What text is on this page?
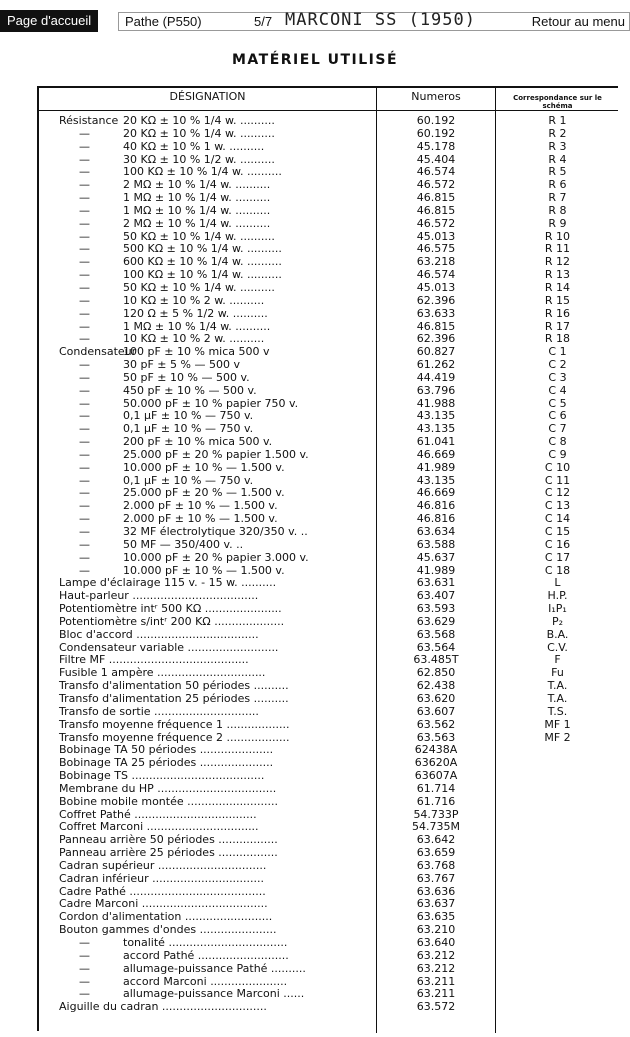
Page d'accueil	Pathe (P550)	5/7 MARCONI SS (1950)	Retour au menu
MATÉRIEL UTILISÉ
DÉSIGNATION	Numeros	Correspondance sur le schéma
Résistance 20 KΩ ± 10 % 1/4 w. ..........	60.192	R 1
—	20 KΩ ± 10 % 1/4 w. ..........	60.192	R 2
—	40 KΩ ± 10 % 1 w. ..........	45.178	R 3
—	30 KΩ ± 10 % 1/2 w. ..........	45.404	R 4
—	100 KΩ ± 10 % 1/4 w. ..........	46.574	R 5
—	2 MΩ ± 10 % 1/4 w. ..........	46.572	R 6
—	1 MΩ ± 10 % 1/4 w. ..........	46.815	R 7
—	1 MΩ ± 10 % 1/4 w. ..........	46.815	R 8
—	2 MΩ ± 10 % 1/4 w. ..........	46.572	R 9
—	50 KΩ ± 10 % 1/4 w. ..........	45.013	R 10
—	500 KΩ ± 10 % 1/4 w. ..........	46.575	R 11
—	600 KΩ ± 10 % 1/4 w. ..........	63.218	R 12
—	100 KΩ ± 10 % 1/4 w. ..........	46.574	R 13
—	50 KΩ ± 10 % 1/4 w. ..........	45.013	R 14
—	10 KΩ ± 10 % 2 w. ..........	62.396	R 15
—	120 Ω ± 5 % 1/2 w. ..........	63.633	R 16
—	1 MΩ ± 10 % 1/4 w. ..........	46.815	R 17
—	10 KΩ ± 10 % 2 w. ..........	62.396	R 18
Condensateur100 pF ± 10 % mica 500 v	60.827	C 1
—	30 pF ± 5 % — 500 v	61.262	C 2
—	50 pF ± 10 % — 500 v.	44.419	C 3
—	450 pF ± 10 % — 500 v.	63.796	C 4
—	50.000 pF ± 10 % papier 750 v.	41.988	C 5
—	0,1 µF ± 10 % — 750 v.	43.135	C 6
—	0,1 µF ± 10 % — 750 v.	43.135	C 7
—	200 pF ± 10 % mica 500 v.	61.041	C 8
—	25.000 pF ± 20 % papier 1.500 v.	46.669	C 9
—	10.000 pF ± 10 % — 1.500 v.	41.989	C 10
—	0,1 µF ± 10 % — 750 v.	43.135	C 11
—	25.000 pF ± 20 % — 1.500 v.	46.669	C 12
—	2.000 pF ± 10 % — 1.500 v.	46.816	C 13
—	2.000 pF ± 10 % — 1.500 v.	46.816	C 14
—	32 MF électrolytique 320/350 v. ..	63.634	C 15
—	50 MF — 350/400 v. ..	63.588	C 16
—	10.000 pF ± 20 % papier 3.000 v.	45.637	C 17
—	10.000 pF ± 10 % — 1.500 v.	41.989	C 18
Lampe d'éclairage 115 v. - 15 w. ..........	63.631	L
Haut-parleur ....................................	63.407	H.P.
Potentiomètre intʳ 500 KΩ ......................	63.593	I₁P₁
Potentiomètre s/intʳ 200 KΩ ....................	63.629	P₂
Bloc d'accord ...................................	63.568	B.A.
Condensateur variable ..........................	63.564	C.V.
Filtre MF ........................................	63.485T	F
Fusible 1 ampère ...............................	62.850	Fu
Transfo d'alimentation 50 périodes ..........	62.438	T.A.
Transfo d'alimentation 25 périodes ..........	63.620	T.A.
Transfo de sortie ..............................	63.607	T.S.
Transfo moyenne fréquence 1 ..................	63.562	MF 1
Transfo moyenne fréquence 2 ..................	63.563	MF 2
Bobinage TA 50 périodes .....................	62438A
Bobinage TA 25 périodes .....................	63620A
Bobinage TS ......................................	63607A
Membrane du HP ..................................	61.714
Bobine mobile montée ..........................	61.716
Coffret Pathé ...................................	54.733P
Coffret Marconi ................................	54.735M
Panneau arrière 50 périodes .................	63.642
Panneau arrière 25 périodes .................	63.659
Cadran supérieur ...............................	63.768
Cadran inférieur ................................	63.767
Cadre Pathé .......................................	63.636
Cadre Marconi ....................................	63.637
Cordon d'alimentation .........................	63.635
Bouton gammes d'ondes ......................	63.210
—	tonalité ..................................	63.640
—	accord Pathé ..........................	63.212
—	allumage-puissance Pathé ..........	63.212
—	accord Marconi ......................	63.211
—	allumage-puissance Marconi ......	63.211
Aiguille du cadran ..............................	63.572
